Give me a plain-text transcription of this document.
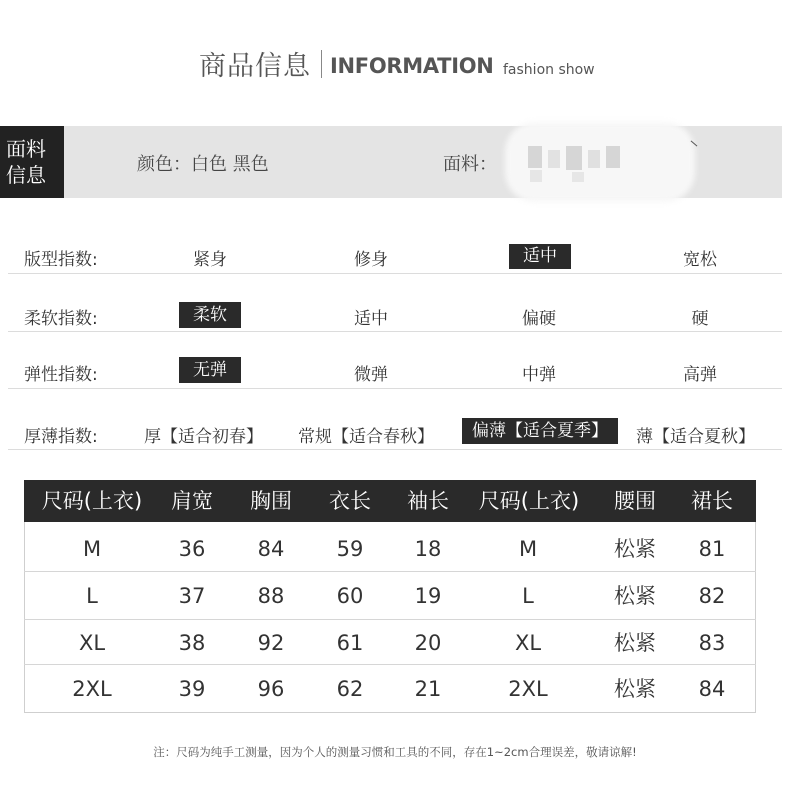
商品信息 INFORMATION fashion show
面料
信息	颜色：白色 黑色	面料：
版型指数:	紧身	修身	适中	宽松
柔软指数:	柔软	适中	偏硬	硬
弹性指数:	无弹	微弹	中弹	高弹
厚薄指数:	厚【适合初春】	常规【适合春秋】	偏薄【适合夏季】	薄【适合夏秋】
尺码(上衣)	肩宽	胸围	衣长	袖长	尺码(上衣)	腰围	裙长
M	36	84	59	18	M	松紧	81
L	37	88	60	19	L	松紧	82
XL	38	92	61	20	XL	松紧	83
2XL	39	96	62	21	2XL	松紧	84
注：尺码为纯手工测量，因为个人的测量习惯和工具的不同，存在1~2cm合理误差，敬请谅解!
